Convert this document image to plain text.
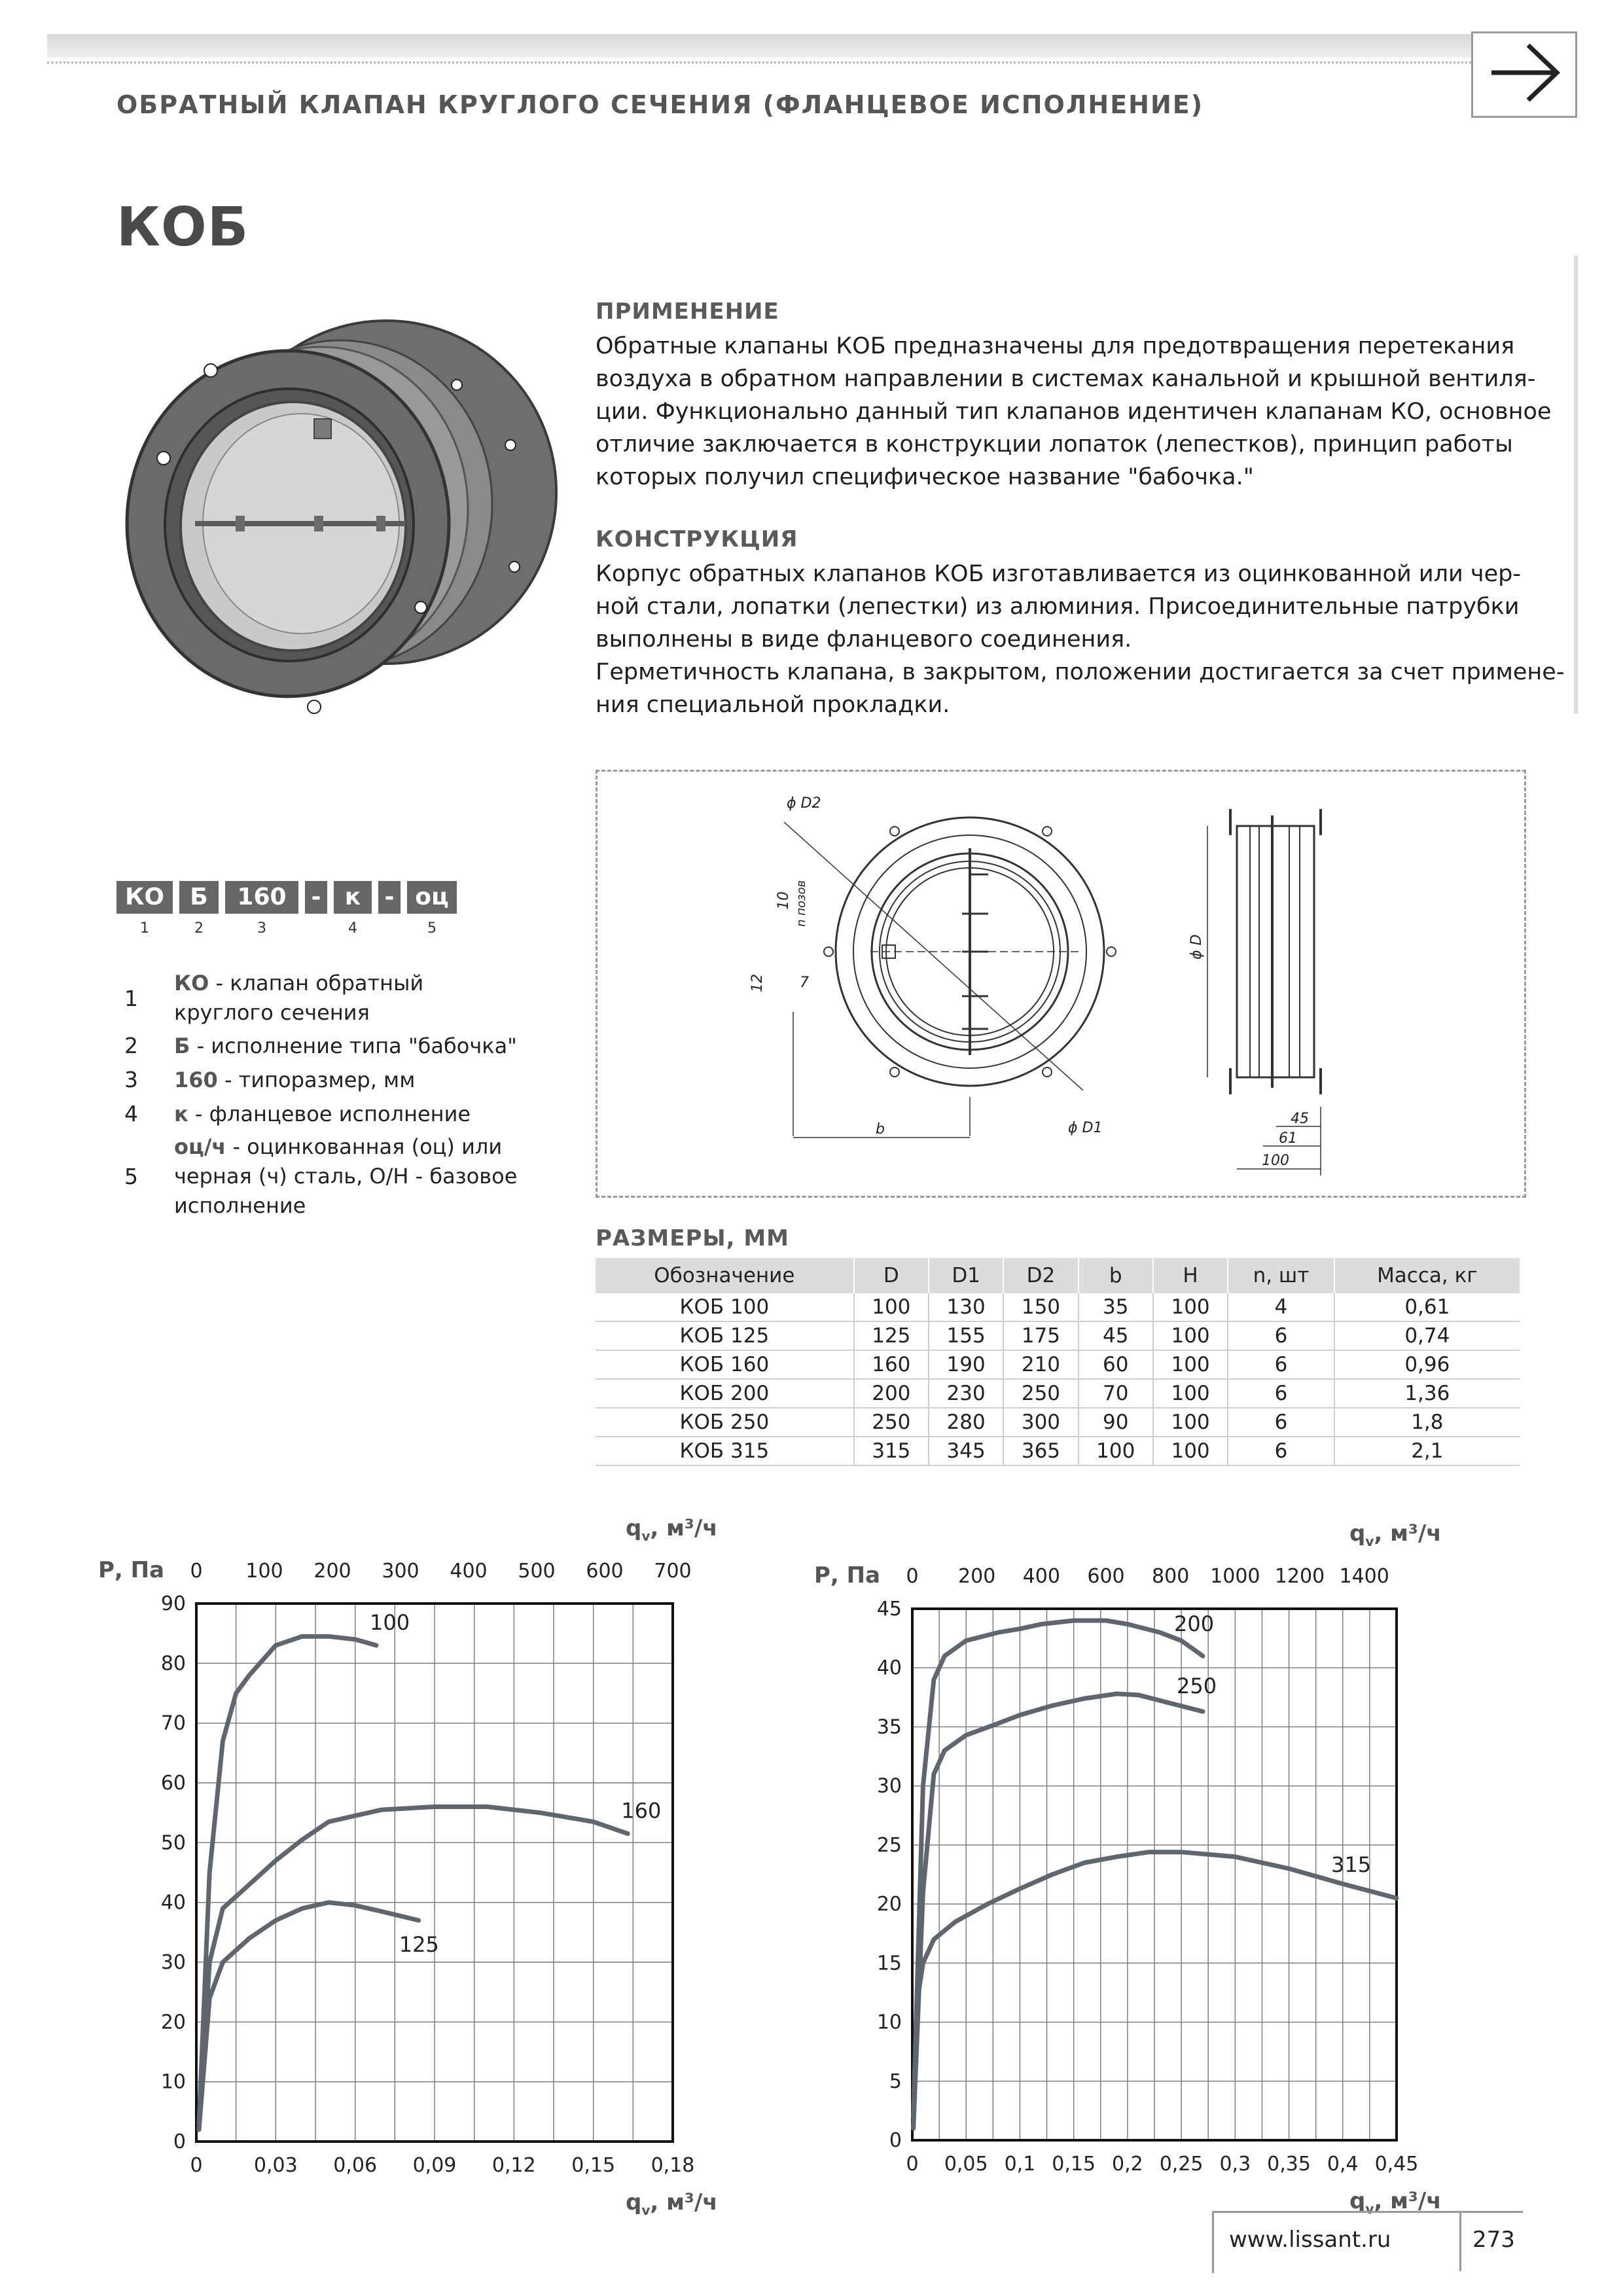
ОБРАТНЫЙ КЛАПАН КРУГЛОГО СЕЧЕНИЯ (ФЛАНЦЕВОЕ ИСПОЛНЕНИЕ)
КОБ
ПРИМЕНЕНИЕ
Обратные клапаны КОБ предназначены для предотвращения перетекания
воздуха в обратном направлении в системах канальной и крышной вентиля-
ции. Функционально данный тип клапанов идентичен клапанам КО, основное
отличие заключается в конструкции лопаток (лепестков), принцип работы
которых получил специфическое название "бабочка."
КОНСТРУКЦИЯ
Корпус обратных клапанов КОБ изготавливается из оцинкованной или чер-
ной стали, лопатки (лепестки) из алюминия. Присоединительные патрубки
выполнены в виде фланцевого соединения.
Герметичность клапана, в закрытом, положении достигается за счет примене-
ния специальной прокладки.
КО	Б	160	-	к	- оц
1	2	3	4	5
1
КО - клапан обратный круглого сечения
2 Б - исполнение типа "бабочка"
3 160 - типоразмер, мм
4 к - фланцевое исполнение
5
оц/ч - оцинкованная (оц) или черная (ч) сталь, О/Н - базовое исполнение
ϕ D2
10 n позов
12 7
b	ϕ D1
ϕ D
45
61
100
РАЗМЕРЫ, ММ
Обозначение	D	D1	D2	b	H	n, шт	Масса, кг
КОБ 100	100	130	150	35	100	4	0,61
КОБ 125	125	155	175	45	100	6	0,74
КОБ 160	160	190	210	60	100	6	0,96
КОБ 200	200	230	250	70	100	6	1,36
КОБ 250	250	280	300	90	100	6	1,8
КОБ 315	315	345	365	100	100	6	2,1
0
10
20
30
40
50
60
70
80
90
0	0,03 0,06 0,09 0,12 0,15 0,18
0 100 200 300 400 500 600 700
Р, Па
$q_v$, м³/ч
$q_v$, м³/ч
100
125
160
0
5
10
15
20
25
30
35
40
45
0 0,05 0,1 0,15 0,2 0,25 0,3 0,35 0,4 0,45
0 200 400 600 800 1000 1200 1400
Р, Па
$q_v$, м³/ч
$q_v$, м³/ч
200
250
315
www.lissant.ru	273
